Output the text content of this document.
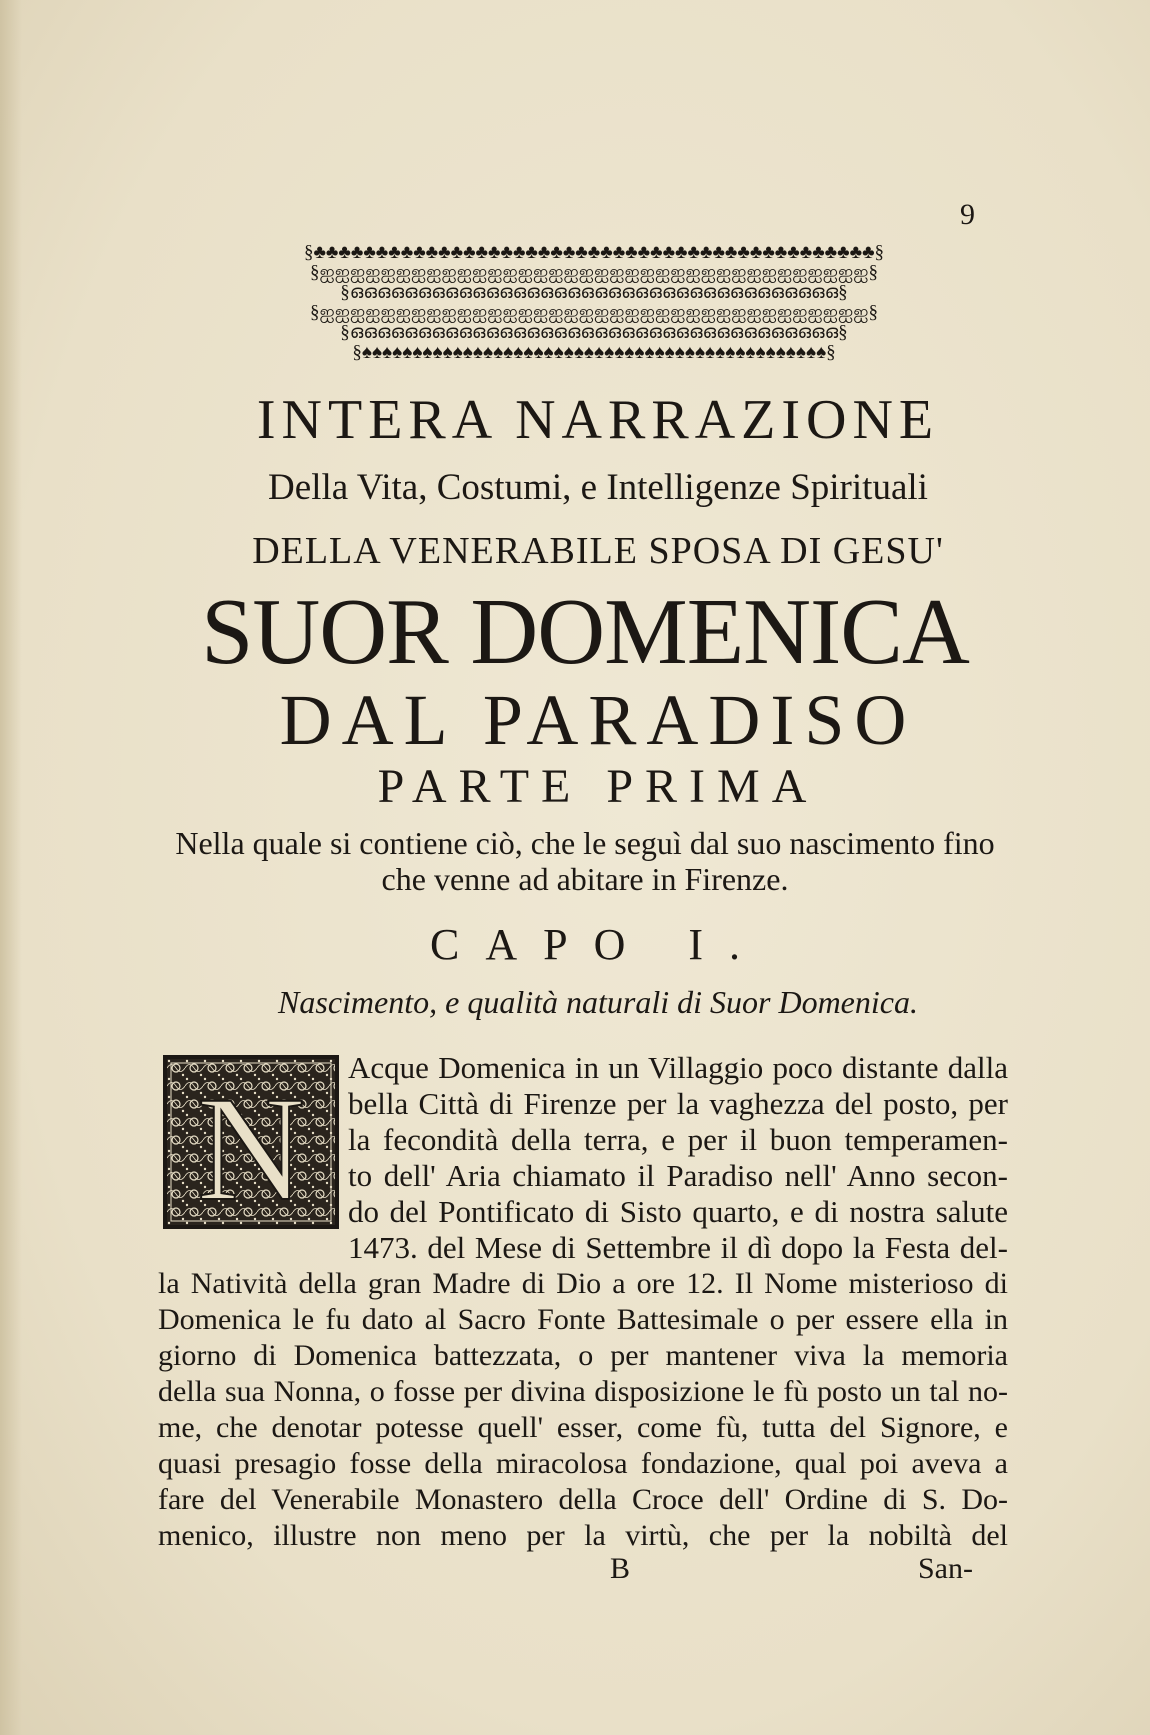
9
§♣♣♣♣♣♣♣♣♣♣♣♣♣♣♣♣♣♣♣♣♣♣♣♣♣♣♣♣♣♣♣♣♣♣♣♣♣♣♣♣♣♣♣♣♣§
§ஐஐஐஐஐஐஐஐஐஐஐஐஐஐஐஐஐஐஐஐஐஐஐஐஐஐஐஐஐஐஐஐஐஐஐஐ§
§ഒഒഒഒഒഒഒഒഒഒഒഒഒഒഒഒഒഒഒഒഒഒഒഒഒഒഒഒഒഒഒഒഒഒഒഒ§
§ஐஐஐஐஐஐஐஐஐஐஐஐஐஐஐஐஐஐஐஐஐஐஐஐஐஐஐஐஐஐஐஐஐஐஐஐ§
§ഒഒഒഒഒഒഒഒഒഒഒഒഒഒഒഒഒഒഒഒഒഒഒഒഒഒഒഒഒഒഒഒഒഒഒഒ§
§♠♠♠♠♠♠♠♠♠♠♠♠♠♠♠♠♠♠♠♠♠♠♠♠♠♠♠♠♠♠♠♠♠♠♠♠♠♠♠♠♠♠♠♠♠♠§
INTERA NARRAZIONE
Della Vita, Costumi, e Intelligenze Spirituali
DELLA VENERABILE SPOSA DI GESU'
SUOR DOMENICA
DAL PARADISO
PARTE PRIMA
Nella quale si contiene ciò, che le seguì dal suo nascimento fino
che venne ad abitare in Firenze.
CAPO I.
Nascimento, e qualità naturali di Suor Domenica.
N Acque Domenica in un Villaggio poco distante dalla
bella Città di Firenze per la vaghezza del posto, per
la fecondità della terra, e per il buon temperamen-
to dell' Aria chiamato il Paradiso nell' Anno secon-
do del Pontificato di Sisto quarto, e di nostra salute
1473. del Mese di Settembre il dì dopo la Festa del-
la Natività della gran Madre di Dio a ore 12. Il Nome misterioso di
Domenica le fu dato al Sacro Fonte Battesimale o per essere ella in
giorno di Domenica battezzata, o per mantener viva la memoria
della sua Nonna, o fosse per divina disposizione le fù posto un tal no-
me, che denotar potesse quell' esser, come fù, tutta del Signore, e
quasi presagio fosse della miracolosa fondazione, qual poi aveva a
fare del Venerabile Monastero della Croce dell' Ordine di S. Do-
menico, illustre non meno per la virtù, che per la nobiltà del
B	San-
